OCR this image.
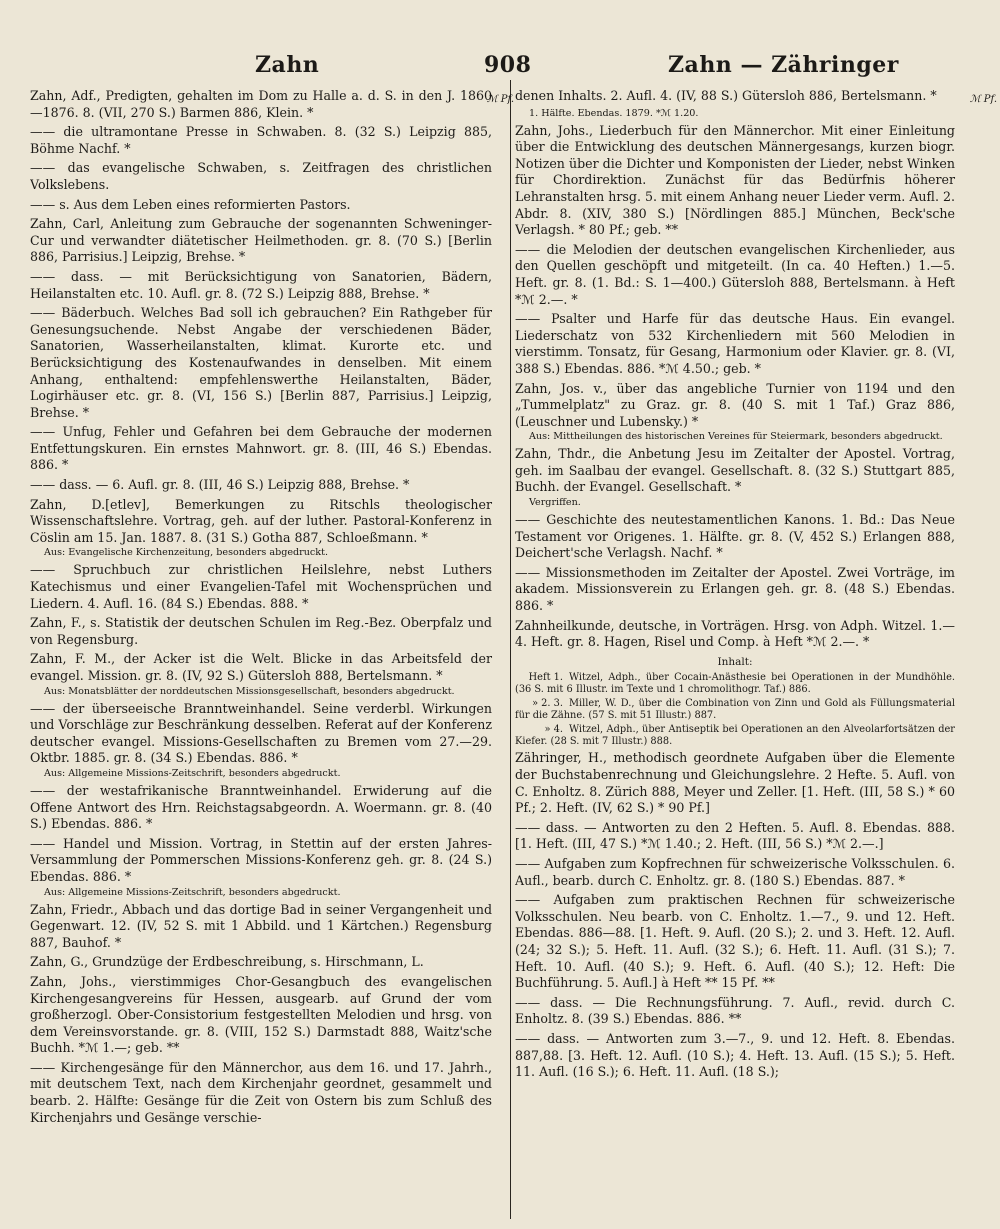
Zahn	908	Zahn — Zähringer
ℳ Pf.
Zahn, Adf., Predigten, gehalten im Dom zu Halle a. d. S. in den J. 1860—1876. 8. (VII, 270 S.) Barmen 886, Klein. *
—— die ultramontane Presse in Schwaben. 8. (32 S.) Leipzig 885, Böhme Nachf. *
—— das evangelische Schwaben, s. Zeitfragen des christlichen Volkslebens.
—— s. Aus dem Leben eines reformierten Pastors.
Zahn, Carl, Anleitung zum Gebrauche der sogenannten Schweninger-Cur und verwandter diätetischer Heilmethoden. gr. 8. (70 S.) [Berlin 886, Parrisius.] Leipzig, Brehse. *
—— dass. — mit Berücksichtigung von Sanatorien, Bädern, Heilanstalten etc. 10. Aufl. gr. 8. (72 S.) Leipzig 888, Brehse. *
—— Bäderbuch. Welches Bad soll ich gebrauchen? Ein Rathgeber für Genesungsuchende. Nebst Angabe der verschiedenen Bäder, Sanatorien, Wasserheilanstalten, klimat. Kurorte etc. und Berücksichtigung des Kostenaufwandes in denselben. Mit einem Anhang, enthaltend: empfehlenswerthe Heilanstalten, Bäder, Logirhäuser etc. gr. 8. (VI, 156 S.) [Berlin 887, Parrisius.] Leipzig, Brehse. *
—— Unfug, Fehler und Gefahren bei dem Gebrauche der modernen Entfettungskuren. Ein ernstes Mahnwort. gr. 8. (III, 46 S.) Ebendas. 886. *
—— dass. — 6. Aufl. gr. 8. (III, 46 S.) Leipzig 888, Brehse. *
Zahn, D.[etlev], Bemerkungen zu Ritschls theologischer Wissenschaftslehre. Vortrag, geh. auf der luther. Pastoral-Konferenz in Cöslin am 15. Jan. 1887. 8. (31 S.) Gotha 887, Schloeßmann. *
Aus: Evangelische Kirchenzeitung, besonders abgedruckt.
—— Spruchbuch zur christlichen Heilslehre, nebst Luthers Katechismus und einer Evangelien-Tafel mit Wochensprüchen und Liedern. 4. Aufl. 16. (84 S.) Ebendas. 888. *
Zahn, F., s. Statistik der deutschen Schulen im Reg.-Bez. Oberpfalz und von Regensburg.
Zahn, F. M., der Acker ist die Welt. Blicke in das Arbeitsfeld der evangel. Mission. gr. 8. (IV, 92 S.) Gütersloh 888, Bertelsmann. *
Aus: Monatsblätter der norddeutschen Missionsgesellschaft, besonders abgedruckt.
—— der überseeische Branntweinhandel. Seine verderbl. Wirkungen und Vorschläge zur Beschränkung desselben. Referat auf der Konferenz deutscher evangel. Missions-Gesellschaften zu Bremen vom 27.—29. Oktbr. 1885. gr. 8. (34 S.) Ebendas. 886. *
Aus: Allgemeine Missions-Zeitschrift, besonders abgedruckt.
—— der westafrikanische Branntweinhandel. Erwiderung auf die Offene Antwort des Hrn. Reichstagsabgeordn. A. Woermann. gr. 8. (40 S.) Ebendas. 886. *
—— Handel und Mission. Vortrag, in Stettin auf der ersten Jahres-Versammlung der Pommerschen Missions-Konferenz geh. gr. 8. (24 S.) Ebendas. 886. *
Aus: Allgemeine Missions-Zeitschrift, besonders abgedruckt.
Zahn, Friedr., Abbach und das dortige Bad in seiner Vergangenheit und Gegenwart. 12. (IV, 52 S. mit 1 Abbild. und 1 Kärtchen.) Regensburg 887, Bauhof. *
Zahn, G., Grundzüge der Erdbeschreibung, s. Hirschmann, L.
Zahn, Johs., vierstimmiges Chor-Gesangbuch des evangelischen Kirchengesangvereins für Hessen, ausgearb. auf Grund der vom großherzogl. Ober-Consistorium festgestellten Melodien und hrsg. von dem Vereinsvorstande. gr. 8. (VIII, 152 S.) Darmstadt 888, Waitz'sche Buchh. *ℳ 1.—; geb. **
—— Kirchengesänge für den Männerchor, aus dem 16. und 17. Jahrh., mit deutschem Text, nach dem Kirchenjahr geordnet, gesammelt und bearb. 2. Hälfte: Gesänge für die Zeit von Ostern bis zum Schluß des Kirchenjahrs und Gesänge verschie-
ℳ Pf.
denen Inhalts. 2. Aufl. 4. (IV, 88 S.) Gütersloh 886, Bertelsmann. *
1. Hälfte. Ebendas. 1879. *ℳ 1.20.
Zahn, Johs., Liederbuch für den Männerchor. Mit einer Einleitung über die Entwicklung des deutschen Männergesangs, kurzen biogr. Notizen über die Dichter und Komponisten der Lieder, nebst Winken für Chordirektion. Zunächst für das Bedürfnis höherer Lehranstalten hrsg. 5. mit einem Anhang neuer Lieder verm. Aufl. 2. Abdr. 8. (XIV, 380 S.) [Nördlingen 885.] München, Beck'sche Verlagsh. * 80 Pf.; geb. **
—— die Melodien der deutschen evangelischen Kirchenlieder, aus den Quellen geschöpft und mitgeteilt. (In ca. 40 Heften.) 1.—5. Heft. gr. 8. (1. Bd.: S. 1—400.) Gütersloh 888, Bertelsmann. à Heft *ℳ 2.—. *
—— Psalter und Harfe für das deutsche Haus. Ein evangel. Liederschatz von 532 Kirchenliedern mit 560 Melodien in vierstimm. Tonsatz, für Gesang, Harmonium oder Klavier. gr. 8. (VI, 388 S.) Ebendas. 886. *ℳ 4.50.; geb. *
Zahn, Jos. v., über das angebliche Turnier von 1194 und den „Tummelplatz" zu Graz. gr. 8. (40 S. mit 1 Taf.) Graz 886, (Leuschner und Lubensky.) *
Aus: Mittheilungen des historischen Vereines für Steiermark, besonders abgedruckt.
Zahn, Thdr., die Anbetung Jesu im Zeitalter der Apostel. Vortrag, geh. im Saalbau der evangel. Gesellschaft. 8. (32 S.) Stuttgart 885, Buchh. der Evangel. Gesellschaft. *
Vergriffen.
—— Geschichte des neutestamentlichen Kanons. 1. Bd.: Das Neue Testament vor Origenes. 1. Hälfte. gr. 8. (V, 452 S.) Erlangen 888, Deichert'sche Verlagsh. Nachf. *
—— Missionsmethoden im Zeitalter der Apostel. Zwei Vorträge, im akadem. Missionsverein zu Erlangen geh. gr. 8. (48 S.) Ebendas. 886. *
Zahnheilkunde, deutsche, in Vorträgen. Hrsg. von Adph. Witzel. 1.—4. Heft. gr. 8. Hagen, Risel und Comp. à Heft *ℳ 2.—. *
Inhalt:
Heft 1. Witzel, Adph., über Cocain-Anästhesie bei Operationen in der Mundhöhle. (36 S. mit 6 Illustr. im Texte und 1 chromolithogr. Taf.) 886.
» 2. 3. Miller, W. D., über die Combination von Zinn und Gold als Füllungsmaterial für die Zähne. (57 S. mit 51 Illustr.) 887.
» 4. Witzel, Adph., über Antiseptik bei Operationen an den Alveolarfortsätzen der Kiefer. (28 S. mit 7 Illustr.) 888.
Zähringer, H., methodisch geordnete Aufgaben über die Elemente der Buchstabenrechnung und Gleichungslehre. 2 Hefte. 5. Aufl. von C. Enholtz. 8. Zürich 888, Meyer und Zeller. [1. Heft. (III, 58 S.) * 60 Pf.; 2. Heft. (IV, 62 S.) * 90 Pf.]
—— dass. — Antworten zu den 2 Heften. 5. Aufl. 8. Ebendas. 888. [1. Heft. (III, 47 S.) *ℳ 1.40.; 2. Heft. (III, 56 S.) *ℳ 2.—.]
—— Aufgaben zum Kopfrechnen für schweizerische Volksschulen. 6. Aufl., bearb. durch C. Enholtz. gr. 8. (180 S.) Ebendas. 887. *
—— Aufgaben zum praktischen Rechnen für schweizerische Volksschulen. Neu bearb. von C. Enholtz. 1.—7., 9. und 12. Heft. Ebendas. 886—88. [1. Heft. 9. Aufl. (20 S.); 2. und 3. Heft. 12. Aufl. (24; 32 S.); 5. Heft. 11. Aufl. (32 S.); 6. Heft. 11. Aufl. (31 S.); 7. Heft. 10. Aufl. (40 S.); 9. Heft. 6. Aufl. (40 S.); 12. Heft: Die Buchführung. 5. Aufl.] à Heft ** 15 Pf. **
—— dass. — Die Rechnungsführung. 7. Aufl., revid. durch C. Enholtz. 8. (39 S.) Ebendas. 886. **
—— dass. — Antworten zum 3.—7., 9. und 12. Heft. 8. Ebendas. 887,88. [3. Heft. 12. Aufl. (10 S.); 4. Heft. 13. Aufl. (15 S.); 5. Heft. 11. Aufl. (16 S.); 6. Heft. 11. Aufl. (18 S.);
